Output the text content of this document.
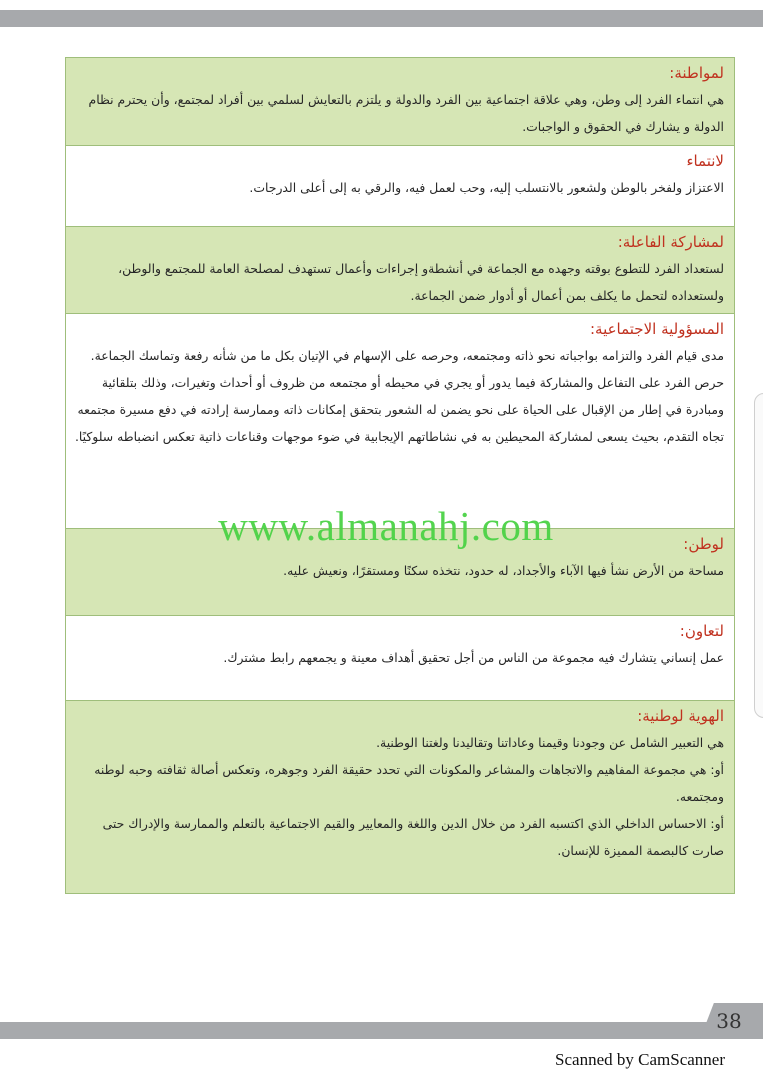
لمواطنة:

هي انتماء الفرد إلى وطن، وهي علاقة اجتماعية بين الفرد والدولة و يلتزم بالتعايش لسلمي بين أفراد لمجتمع، وأن يحترم نظام الدولة و يشارك في الحقوق و الواجبات.

لانتماء

الاعتزاز ولفخر بالوطن ولشعور بالانتسلب إليه، وحب لعمل فيه، والرقي به إلى أعلى الدرجات.

لمشاركة الفاعلة:

لستعداد الفرد للتطوع بوقته وجهده مع الجماعة في أنشطةو إجراءات وأعمال تستهدف لمصلحة العامة للمجتمع والوطن، ولستعداده لتحمل ما يكلف بمن أعمال أو أدوار ضمن الجماعة.

المسؤولية الاجتماعية:

مدى قيام الفرد والتزامه بواجباته نحو ذاته ومجتمعه، وحرصه على الإسهام في الإتيان بكل ما من شأنه رفعة وتماسك الجماعة.

حرص الفرد على التفاعل والمشاركة فيما يدور أو يجري في محيطه أو مجتمعه من ظروف أو أحداث وتغيرات، وذلك بتلقائية ومبادرة في إطار من الإقبال على الحياة على نحو يضمن له الشعور بتحقق إمكانات ذاته وممارسة إرادته في دفع مسيرة مجتمعه تجاه التقدم، بحيث يسعى لمشاركة المحيطين به في نشاطاتهم الإيجابية في ضوء موجهات وقناعات ذاتية تعكس انضباطه سلوكيًا.

لوطن:

مساحة من الأرض نشأ فيها الآباء والأجداد، له حدود، نتخذه سكنًا ومستقرًا، ونعيش عليه.

لتعاون:

عمل إنساني يتشارك فيه مجموعة من الناس من أجل تحقيق أهداف معينة و يجمعهم رابط مشترك.

الهوية لوطنية:

هي التعبير الشامل عن وجودنا وقيمنا وعاداتنا وتقاليدنا ولغتنا الوطنية.

أو: هي مجموعة المفاهيم والاتجاهات والمشاعر والمكونات التي تحدد حقيقة الفرد وجوهره، وتعكس أصالة ثقافته وحبه لوطنه ومجتمعه.

أو: الاحساس الداخلي الذي اكتسبه الفرد من خلال الدين واللغة والمعايير والقيم الاجتماعية بالتعلم والممارسة والإدراك حتى صارت كالبصمة المميزة للإنسان.

www.almanahj.com
38
Scanned by CamScanner
